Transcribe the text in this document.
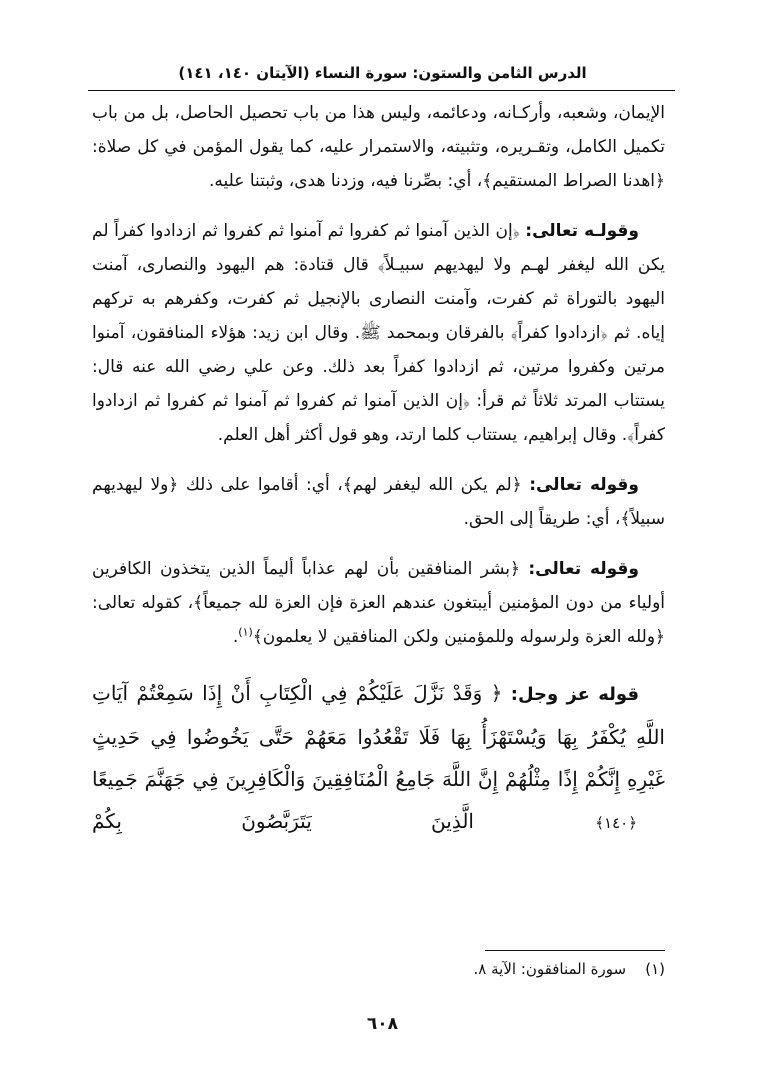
الدرس الثامن والستون: سورة النساء (الآيتان ١٤٠، ١٤١)

الإيمان، وشعبه، وأركـانه، ودعائمه، وليس هذا من باب تحصيل الحاصل، بل من باب تكميل الكامل، وتقـريره، وتثبيته، والاستمرار عليه، كما يقول المؤمن في كل صلاة: ﴿اهدنا الصراط المستقيم﴾، أي: بصِّرنا فيه، وزدنا هدى، وثبتنا عليه.

وقولـه تعالى: ﴿إن الذين آمنوا ثم كفروا ثم آمنوا ثم كفروا ثم ازدادوا كفراً لم يكن الله ليغفر لهـم ولا ليهديهم سبيـلاً﴾ قال قتادة: هم اليهود والنصارى، آمنت اليهود بالتوراة ثم كفرت، وآمنت النصارى بالإنجيل ثم كفرت، وكفرهم به تركهم إياه. ثم ﴿ازدادوا كفراً﴾ بالفرقان وبمحمد ﷺ. وقال ابن زيد: هؤلاء المنافقون، آمنوا مرتين وكفروا مرتين، ثم ازدادوا كفراً بعد ذلك. وعن علي رضي الله عنه قال: يستتاب المرتد ثلاثاً ثم قرأ: ﴿إن الذين آمنوا ثم كفروا ثم آمنوا ثم كفروا ثم ازدادوا كفراً﴾. وقال إبراهيم، يستتاب كلما ارتد، وهو قول أكثر أهل العلم.

وقوله تعالى: ﴿لم يكن الله ليغفر لهم﴾، أي: أقاموا على ذلك ﴿ولا ليهديهم سبيلاً﴾، أي: طريقاً إلى الحق.

وقوله تعالى: ﴿بشر المنافقين بأن لهم عذاباً أليماً الذين يتخذون الكافرين أولياء من دون المؤمنين أيبتغون عندهم العزة فإن العزة لله جميعاً﴾، كقوله تعالى: ﴿ولله العزة ولرسوله وللمؤمنين ولكن المنافقين لا يعلمون﴾$^{(١)}$.

قوله عز وجل: ﴿ وَقَدْ نَزَّلَ عَلَيْكُمْ فِي الْكِتَابِ أَنْ إِذَا سَمِعْتُمْ آيَاتِ اللَّهِ يُكْفَرُ بِهَا وَيُسْتَهْزَأُ بِهَا فَلَا تَقْعُدُوا مَعَهُمْ حَتَّى يَخُوضُوا فِي حَدِيثٍ غَيْرِهِ إِنَّكُمْ إِذًا مِثْلُهُمْ إِنَّ اللَّهَ جَامِعُ الْمُنَافِقِينَ وَالْكَافِرِينَ فِي جَهَنَّمَ جَمِيعًا ﴿١٤٠﴾ الَّذِينَ يَتَرَبَّصُونَ بِكُمْ

(١)    سورة المنافقون: الآية ٨.
٦٠٨
